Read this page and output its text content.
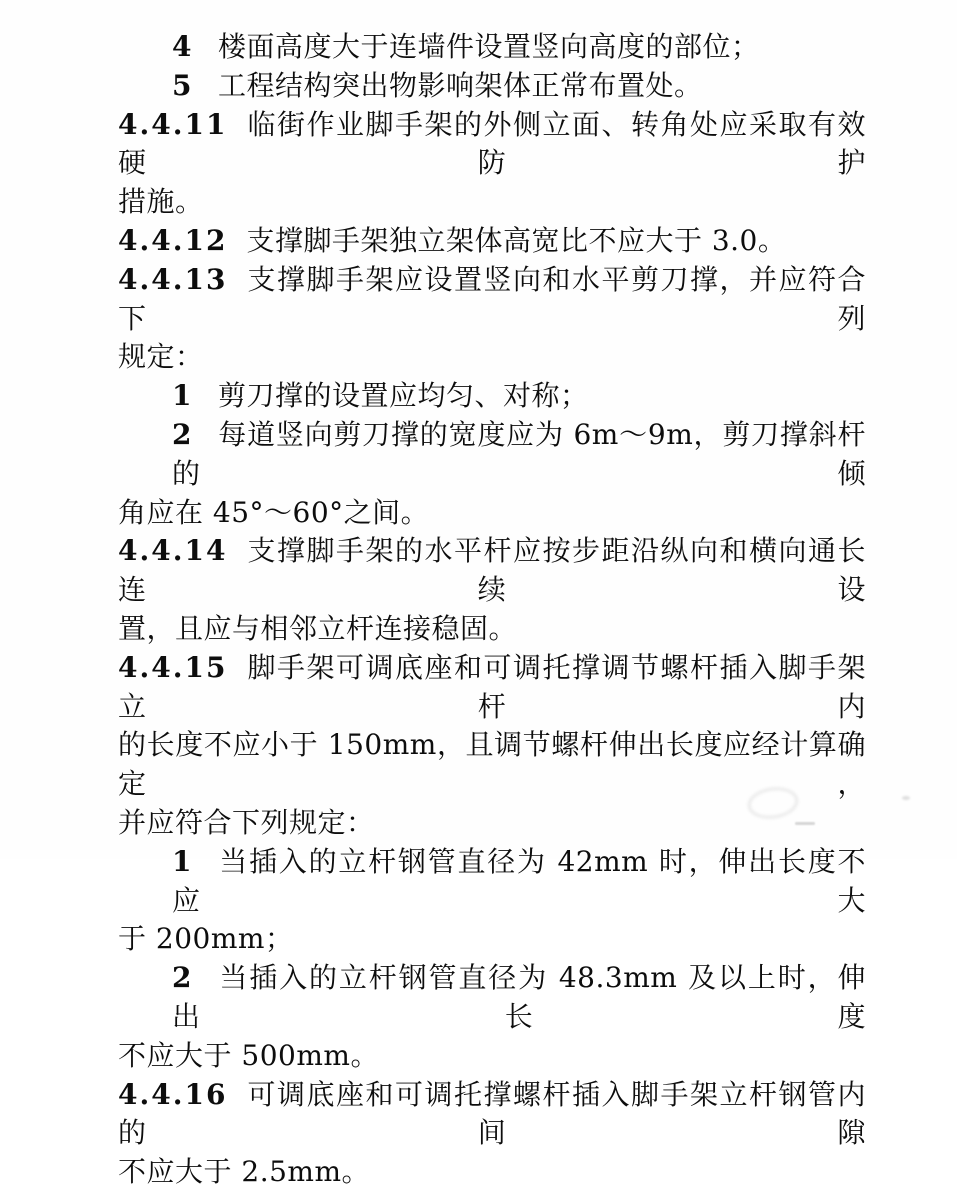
4 楼面高度大于连墙件设置竖向高度的部位；
5 工程结构突出物影响架体正常布置处。
4.4.11 临街作业脚手架的外侧立面、转角处应采取有效硬防护
措施。
4.4.12 支撑脚手架独立架体高宽比不应大于 3.0。
4.4.13 支撑脚手架应设置竖向和水平剪刀撑，并应符合下列
规定：
1 剪刀撑的设置应均匀、对称；
2 每道竖向剪刀撑的宽度应为 6m～9m，剪刀撑斜杆的倾
角应在 45°～60°之间。
4.4.14 支撑脚手架的水平杆应按步距沿纵向和横向通长连续设
置，且应与相邻立杆连接稳固。
4.4.15 脚手架可调底座和可调托撑调节螺杆插入脚手架立杆内
的长度不应小于 150mm，且调节螺杆伸出长度应经计算确定，
并应符合下列规定：
1 当插入的立杆钢管直径为 42mm 时，伸出长度不应大
于 200mm；
2 当插入的立杆钢管直径为 48.3mm 及以上时，伸出长度
不应大于 500mm。
4.4.16 可调底座和可调托撑螺杆插入脚手架立杆钢管内的间隙
不应大于 2.5mm。
